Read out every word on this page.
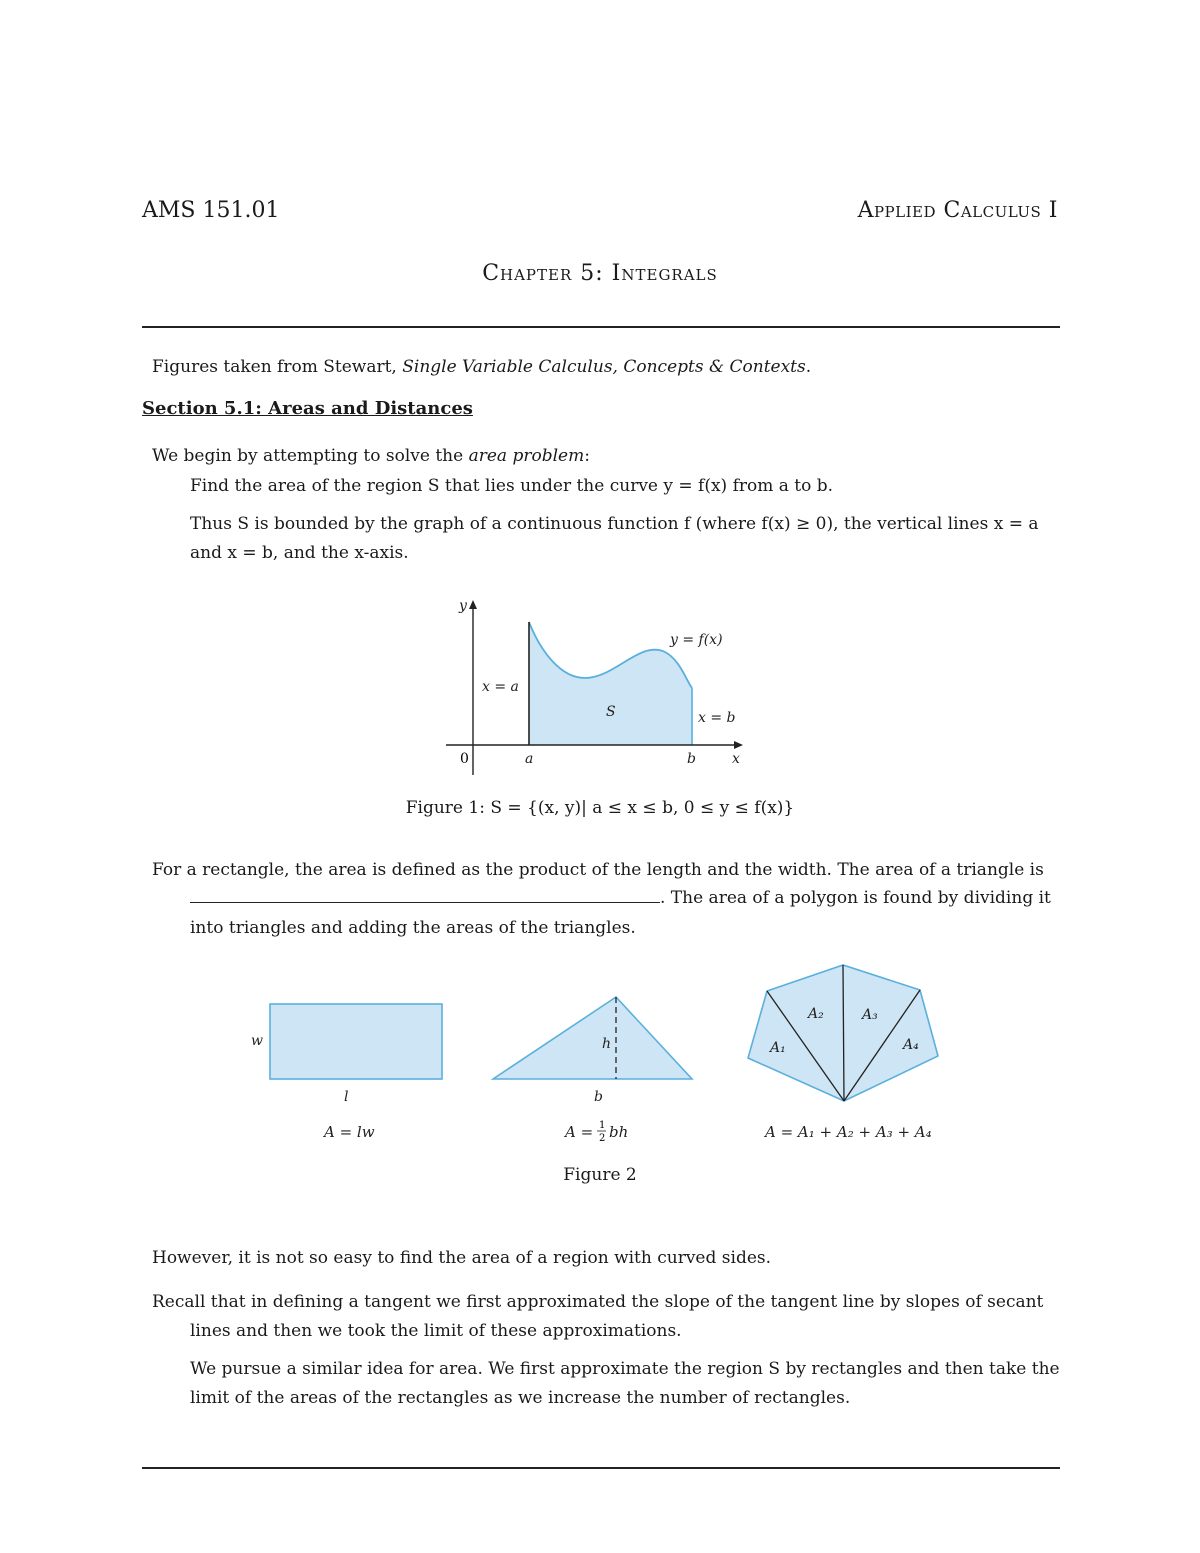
AMS 151.01	Applied Calculus I
Chapter 5: Integrals
Figures taken from Stewart, Single Variable Calculus, Concepts & Contexts.
Section 5.1: Areas and Distances
We begin by attempting to solve the area problem:
Find the area of the region S that lies under the curve y = f(x) from a to b.
Thus S is bounded by the graph of a continuous function f (where f(x) ≥ 0), the vertical lines x = a
and x = b, and the x-axis.
y
x
0	a	b
y = f(x)
x = a
x = b
S
Figure 1: S = {(x, y)| a ≤ x ≤ b, 0 ≤ y ≤ f(x)}
For a rectangle, the area is defined as the product of the length and the width. The area of a triangle is
. The area of a polygon is found by dividing it
into triangles and adding the areas of the triangles.
w
l
A = lw
h
b
A = 1
2 bh
A₁
A₂	A₃
A₄
A = A₁ + A₂ + A₃ + A₄
Figure 2
However, it is not so easy to find the area of a region with curved sides.
Recall that in defining a tangent we first approximated the slope of the tangent line by slopes of secant
lines and then we took the limit of these approximations.
We pursue a similar idea for area. We first approximate the region S by rectangles and then take the
limit of the areas of the rectangles as we increase the number of rectangles.
